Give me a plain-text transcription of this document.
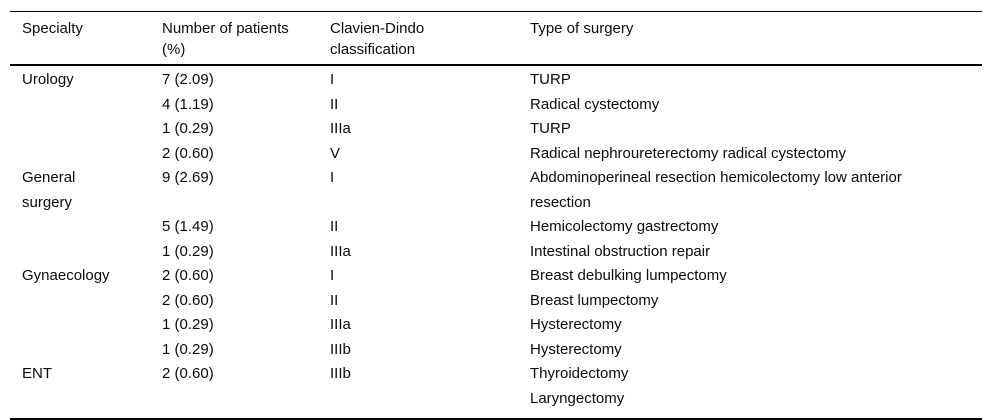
Specialty	Number of patients (%)	Clavien-Dindo classification	Type of surgery
Urology	7 (2.09)	I	TURP
	4 (1.19)	II	Radical cystectomy
	1 (0.29)	IIIa	TURP
	2 (0.60)	V	Radical nephroureterectomy radical cystectomy
General surgery	9 (2.69)	I	Abdominoperineal resection hemicolectomy low anterior resection
	5 (1.49)	II	Hemicolectomy gastrectomy
	1 (0.29)	IIIa	Intestinal obstruction repair
Gynaecology	2 (0.60)	I	Breast debulking lumpectomy
	2 (0.60)	II	Breast lumpectomy
	1 (0.29)	IIIa	Hysterectomy
	1 (0.29)	IIIb	Hysterectomy
ENT	2 (0.60)	IIIb	Thyroidectomy
			Laryngectomy
